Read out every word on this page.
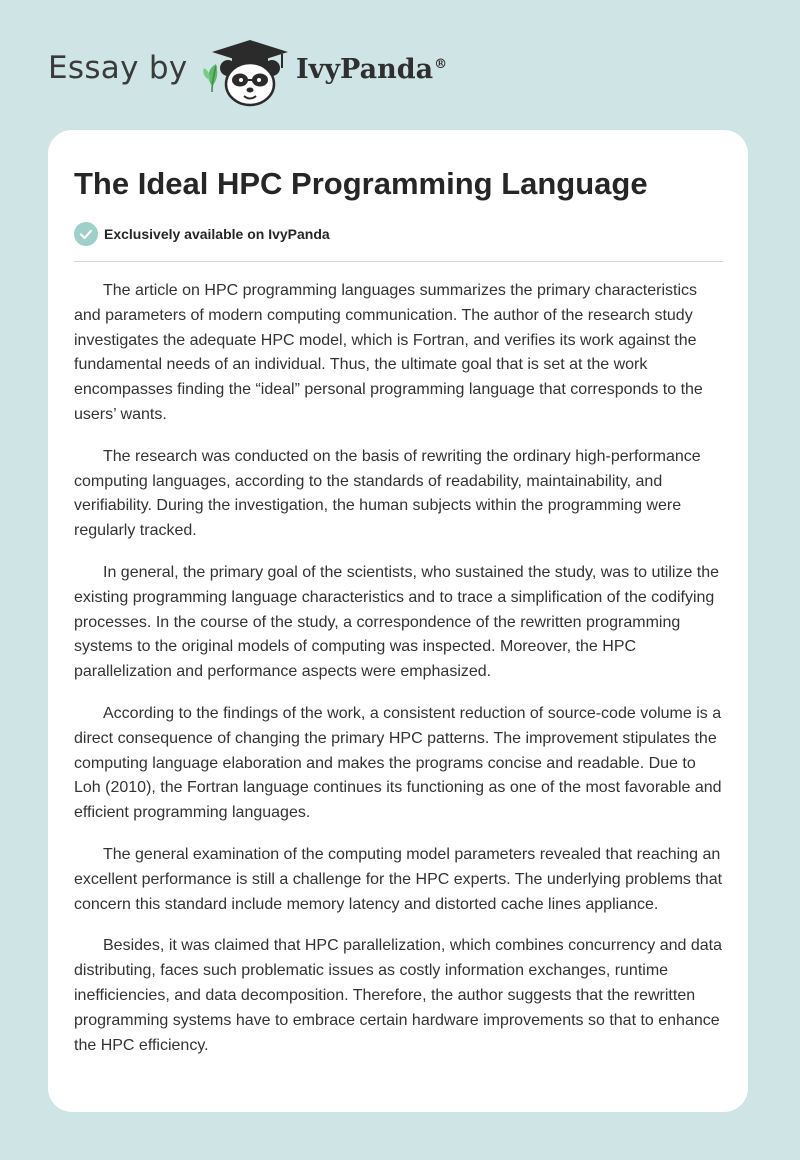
Essay by	IvyPanda®
The Ideal HPC Programming Language
Exclusively available on IvyPanda

The article on HPC programming languages summarizes the primary characteristics and parameters of modern computing communication. The author of the research study investigates the adequate HPC model, which is Fortran, and verifies its work against the fundamental needs of an individual. Thus, the ultimate goal that is set at the work encompasses finding the “ideal” personal programming language that corresponds to the users’ wants.

The research was conducted on the basis of rewriting the ordinary high-performance computing languages, according to the standards of readability, maintainability, and verifiability. During the investigation, the human subjects within the programming were regularly tracked.

In general, the primary goal of the scientists, who sustained the study, was to utilize the existing programming language characteristics and to trace a simplification of the codifying processes. In the course of the study, a correspondence of the rewritten programming systems to the original models of computing was inspected. Moreover, the HPC parallelization and performance aspects were emphasized.

According to the findings of the work, a consistent reduction of source-code volume is a direct consequence of changing the primary HPC patterns. The improvement stipulates the computing language elaboration and makes the programs concise and readable. Due to Loh (2010), the Fortran language continues its functioning as one of the most favorable and efficient programming languages.

The general examination of the computing model parameters revealed that reaching an excellent performance is still a challenge for the HPC experts. The underlying problems that concern this standard include memory latency and distorted cache lines appliance.

Besides, it was claimed that HPC parallelization, which combines concurrency and data distributing, faces such problematic issues as costly information exchanges, runtime inefficiencies, and data decomposition. Therefore, the author suggests that the rewritten programming systems have to embrace certain hardware improvements so that to enhance the HPC efficiency.
